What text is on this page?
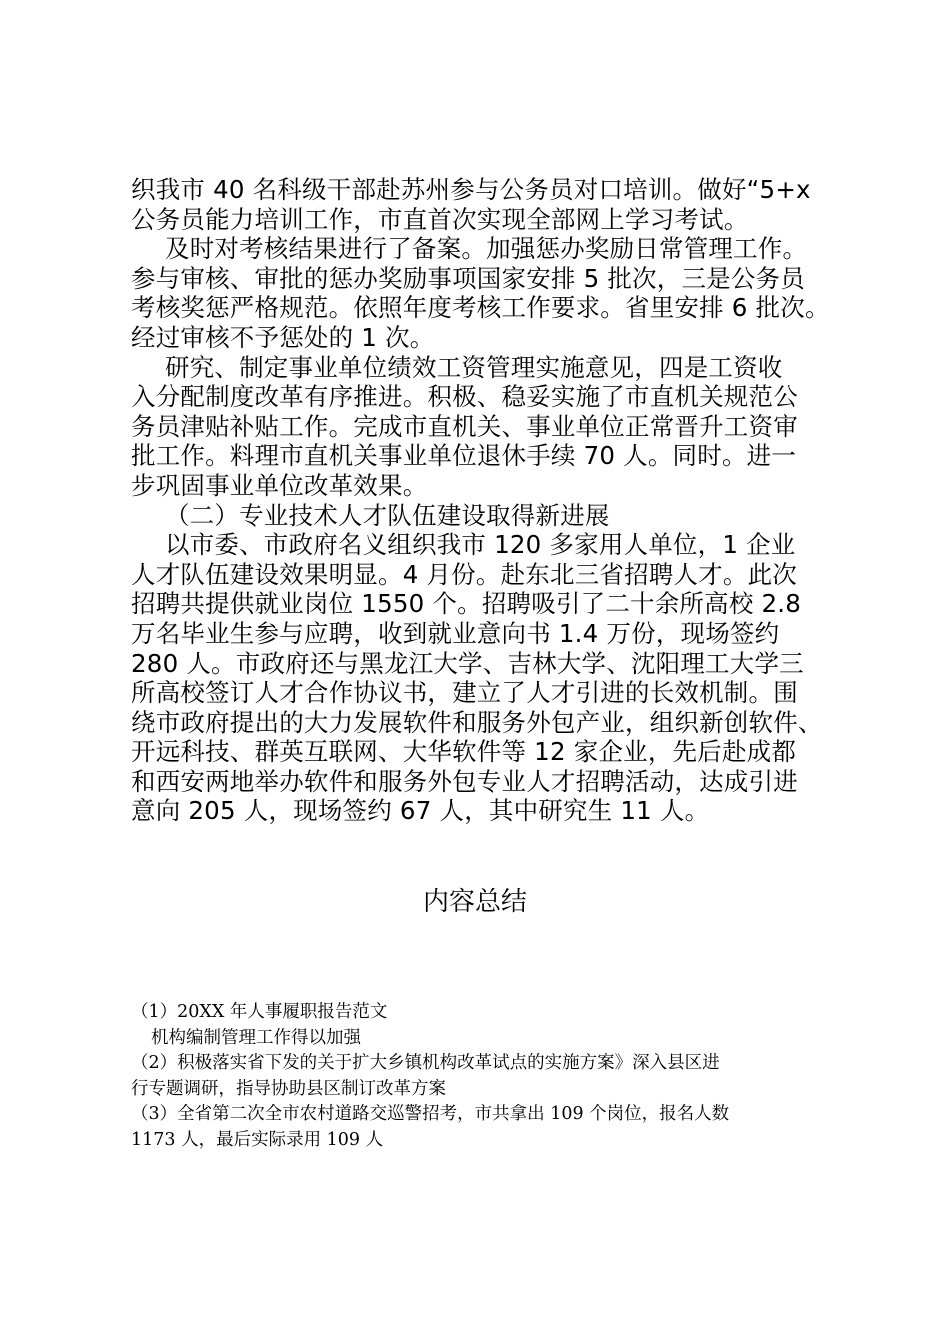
织我市 40 名科级干部赴苏州参与公务员对口培训。做好“5+x

公务员能力培训工作，市直首次实现全部网上学习考试。

及时对考核结果进行了备案。加强惩办奖励日常管理工作。

参与审核、审批的惩办奖励事项国家安排 5 批次，三是公务员

考核奖惩严格规范。依照年度考核工作要求。省里安排 6 批次。

经过审核不予惩处的 1 次。

研究、制定事业单位绩效工资管理实施意见，四是工资收

入分配制度改革有序推进。积极、稳妥实施了市直机关规范公

务员津贴补贴工作。完成市直机关、事业单位正常晋升工资审

批工作。料理市直机关事业单位退休手续 70 人。同时。进一

步巩固事业单位改革效果。

（二）专业技术人才队伍建设取得新进展

以市委、市政府名义组织我市 120 多家用人单位，1 企业

人才队伍建设效果明显。4 月份。赴东北三省招聘人才。此次

招聘共提供就业岗位 1550 个。招聘吸引了二十余所高校 2.8

万名毕业生参与应聘，收到就业意向书 1.4 万份，现场签约

280 人。市政府还与黑龙江大学、吉林大学、沈阳理工大学三

所高校签订人才合作协议书，建立了人才引进的长效机制。围

绕市政府提出的大力发展软件和服务外包产业，组织新创软件、

开远科技、群英互联网、大华软件等 12 家企业，先后赴成都

和西安两地举办软件和服务外包专业人才招聘活动，达成引进

意向 205 人，现场签约 67 人，其中研究生 11 人。

内容总结

（1）20XX 年人事履职报告范文

机构编制管理工作得以加强

（2）积极落实省下发的关于扩大乡镇机构改革试点的实施方案》深入县区进

行专题调研，指导协助县区制订改革方案

（3）全省第二次全市农村道路交巡警招考，市共拿出 109 个岗位，报名人数

1173 人，最后实际录用 109 人
